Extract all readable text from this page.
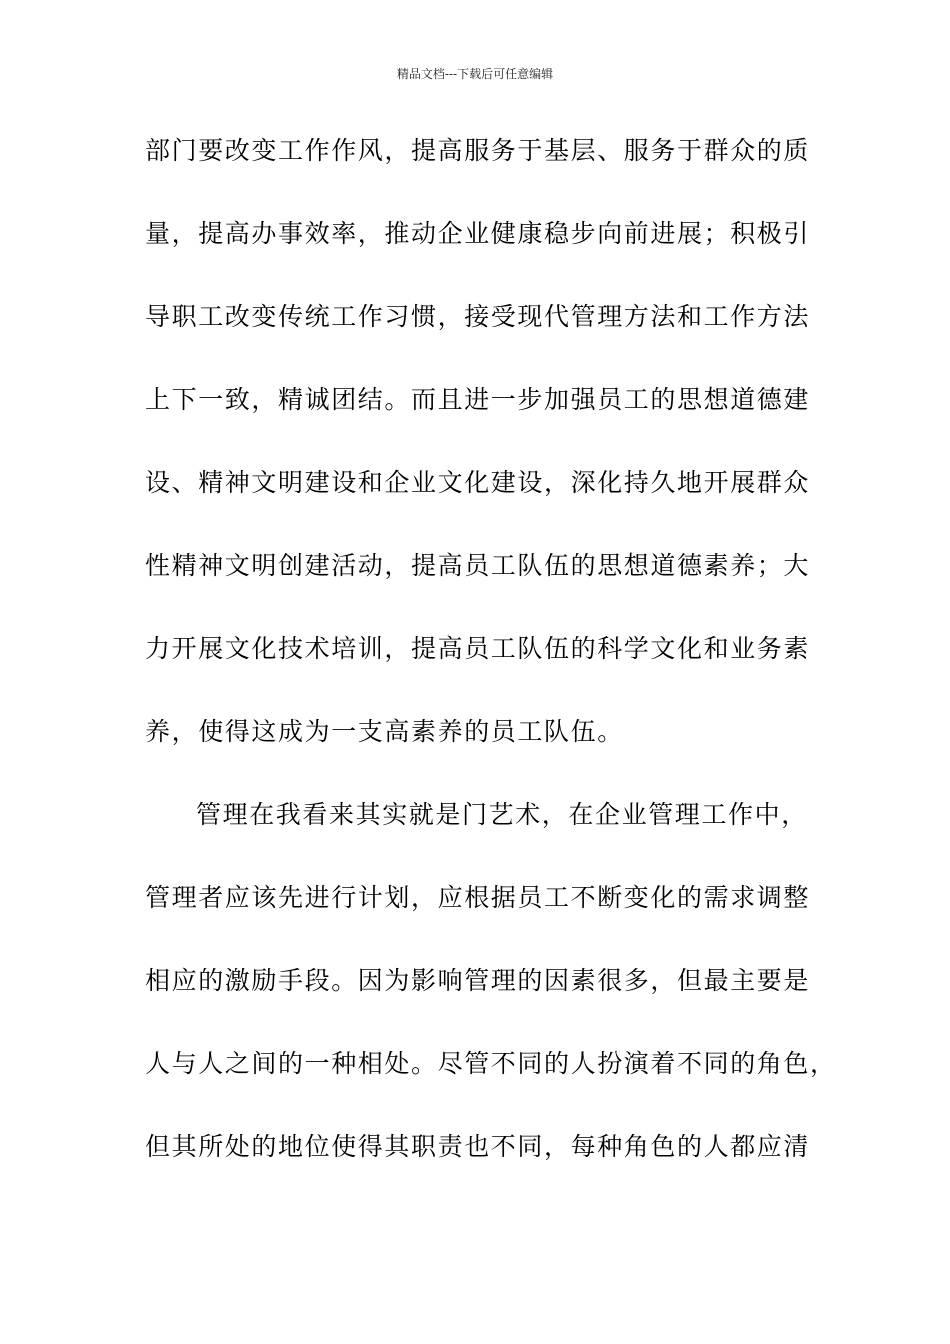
精品文档---下载后可任意编辑
部门要改变工作作风，提高服务于基层、服务于群众的质
量，提高办事效率，推动企业健康稳步向前进展；积极引
导职工改变传统工作习惯，接受现代管理方法和工作方法
上下一致，精诚团结。而且进一步加强员工的思想道德建
设、精神文明建设和企业文化建设，深化持久地开展群众
性精神文明创建活动，提高员工队伍的思想道德素养；大
力开展文化技术培训，提高员工队伍的科学文化和业务素
养，使得这成为一支高素养的员工队伍。
管理在我看来其实就是门艺术，在企业管理工作中，
管理者应该先进行计划，应根据员工不断变化的需求调整
相应的激励手段。因为影响管理的因素很多，但最主要是
人与人之间的一种相处。尽管不同的人扮演着不同的角色，
但其所处的地位使得其职责也不同，每种角色的人都应清
